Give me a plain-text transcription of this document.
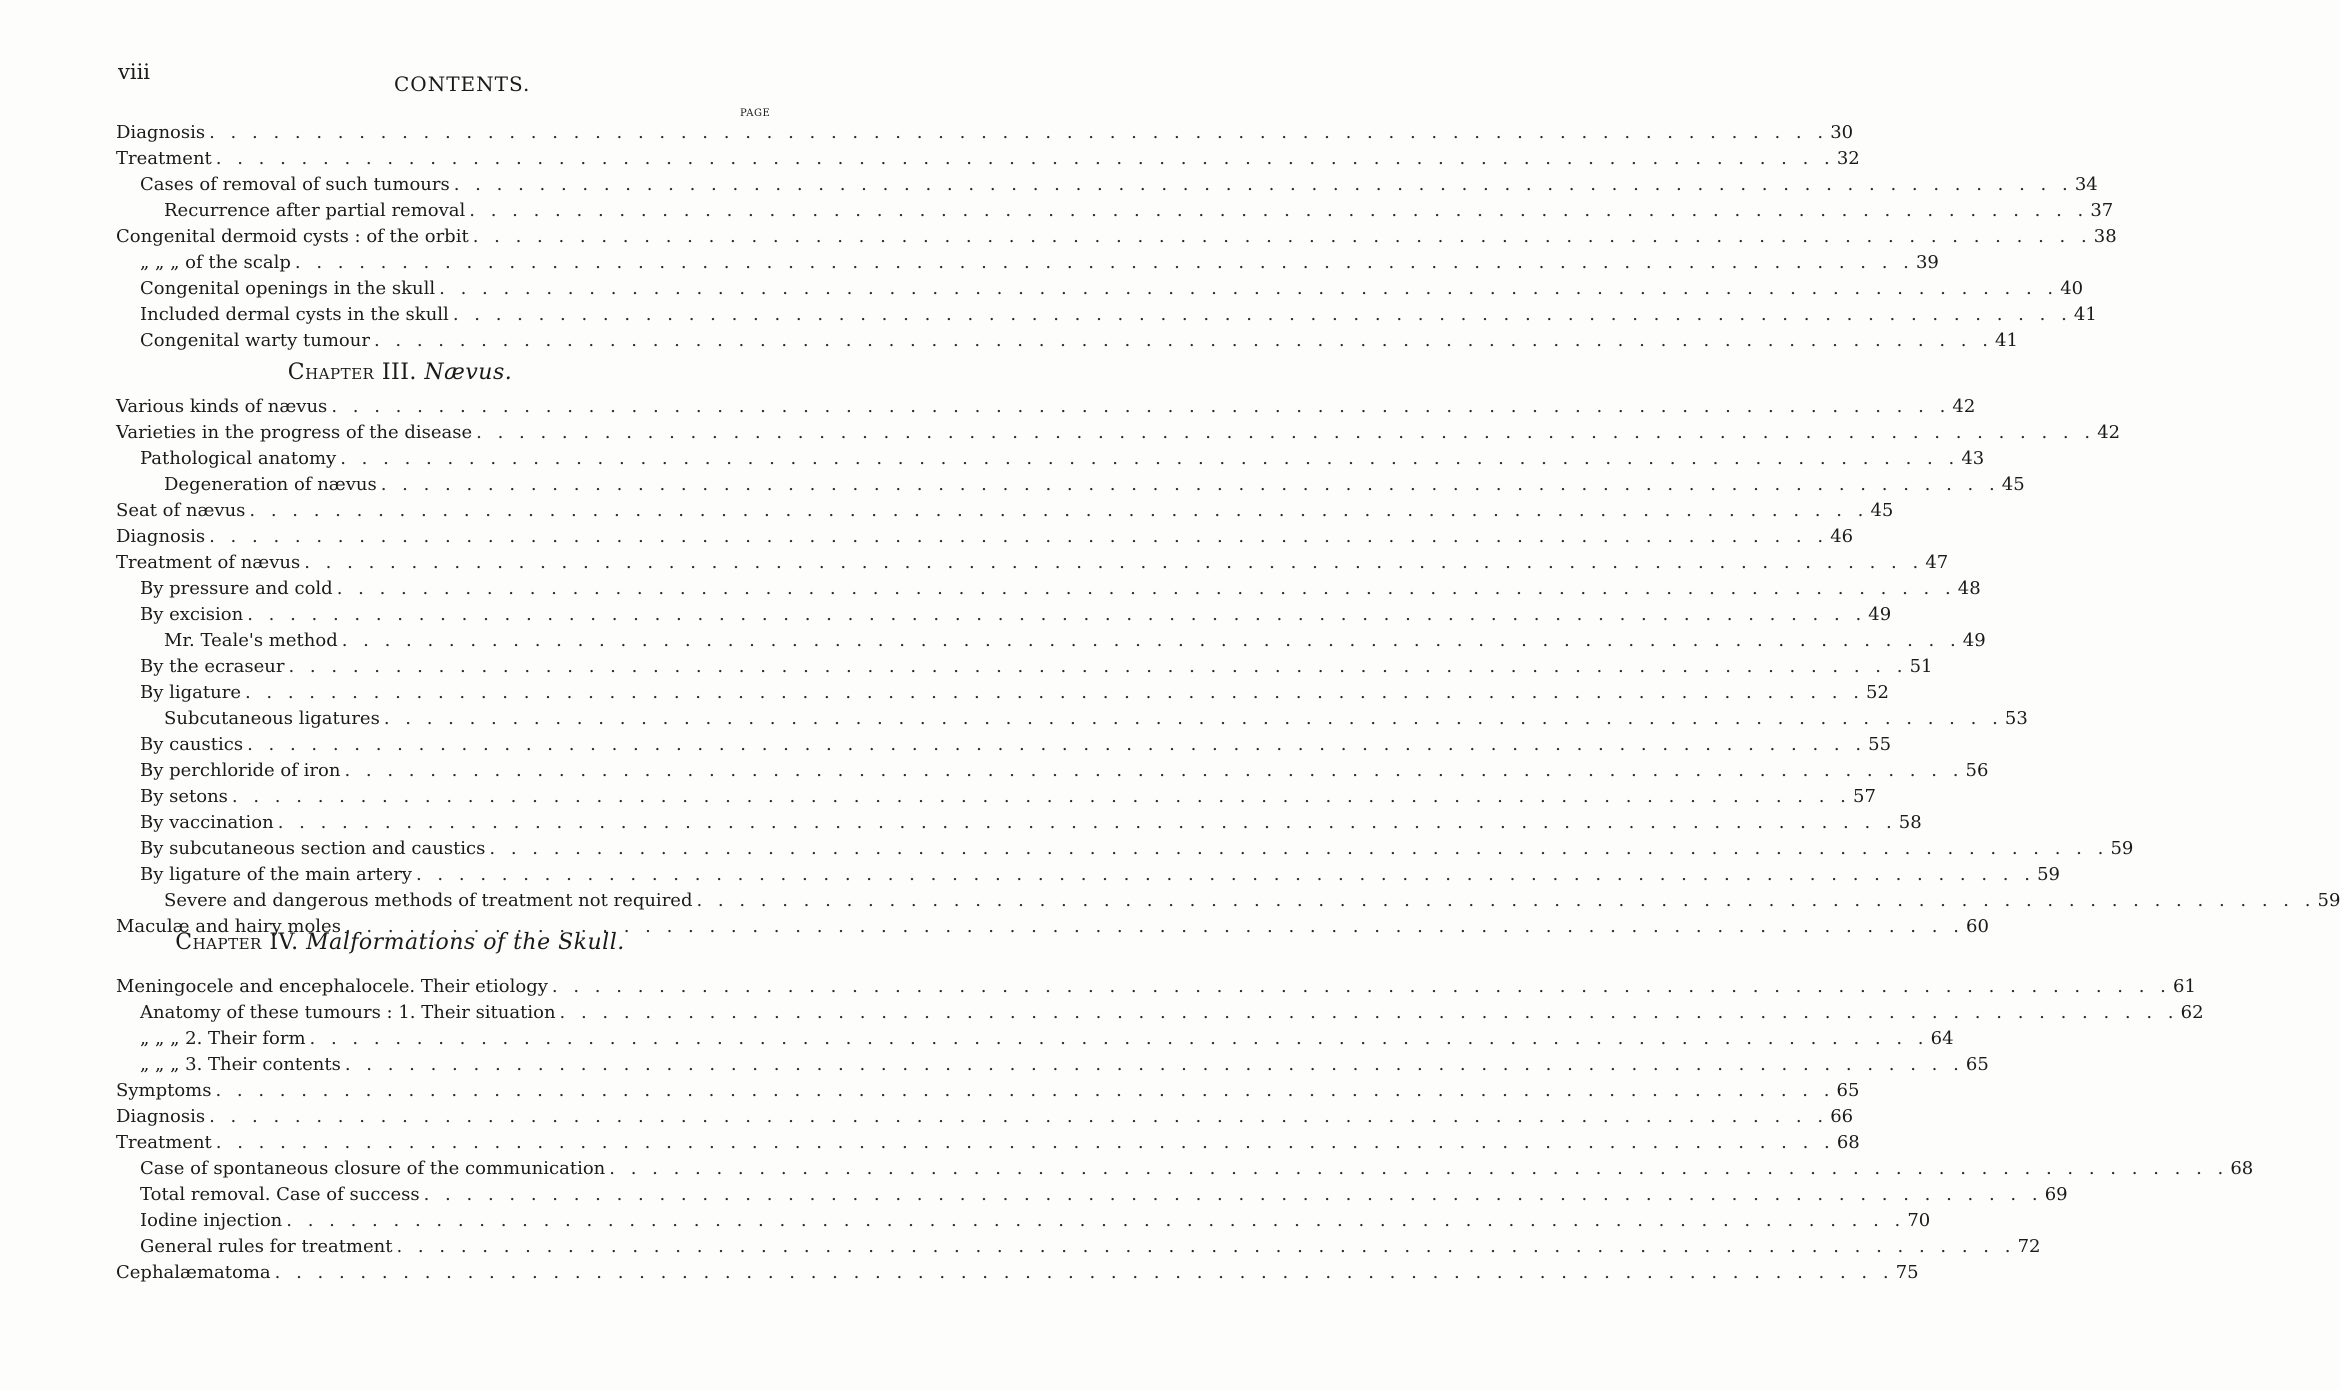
viii	CONTENTS.
PAGE
Diagnosis . . .	30
Treatment . . .	32
Cases of removal of such tumours . . .	34
Recurrence after partial removal . . .	37
Congenital dermoid cysts : of the orbit . . .	38
„ „ „ of the scalp . . .	39
Congenital openings in the skull . . .	40
Included dermal cysts in the skull . . .	41
Congenital warty tumour . . .	41
Chapter III. Nævus.
Various kinds of nævus . . .	42
Varieties in the progress of the disease . . .	42
Pathological anatomy . . .	43
Degeneration of nævus . . .	45
Seat of nævus . . .	45
Diagnosis . . .	46
Treatment of nævus . . .	47
By pressure and cold . . .	48
By excision . . .	49
Mr. Teale's method . . .	49
By the ecraseur . . .	51
By ligature . . .	52
Subcutaneous ligatures . . .	53
By caustics . . .	55
By perchloride of iron . . .	56
By setons . . .	57
By vaccination . . .	58
By subcutaneous section and caustics . . .	59
By ligature of the main artery . . .	59
Severe and dangerous methods of treatment not required . . .	59
Maculæ and hairy moles . . .	60
Chapter IV. Malformations of the Skull.
Meningocele and encephalocele. Their etiology . . .	61
Anatomy of these tumours : 1. Their situation . . .	62
„ „ „ 2. Their form . . .	64
„ „ „ 3. Their contents . . .	65
Symptoms . . .	65
Diagnosis . . .	66
Treatment . . .	68
Case of spontaneous closure of the communication . . .	68
Total removal. Case of success . . .	69
Iodine injection . . .	70
General rules for treatment . . .	72
Cephalæmatoma . . .	75
